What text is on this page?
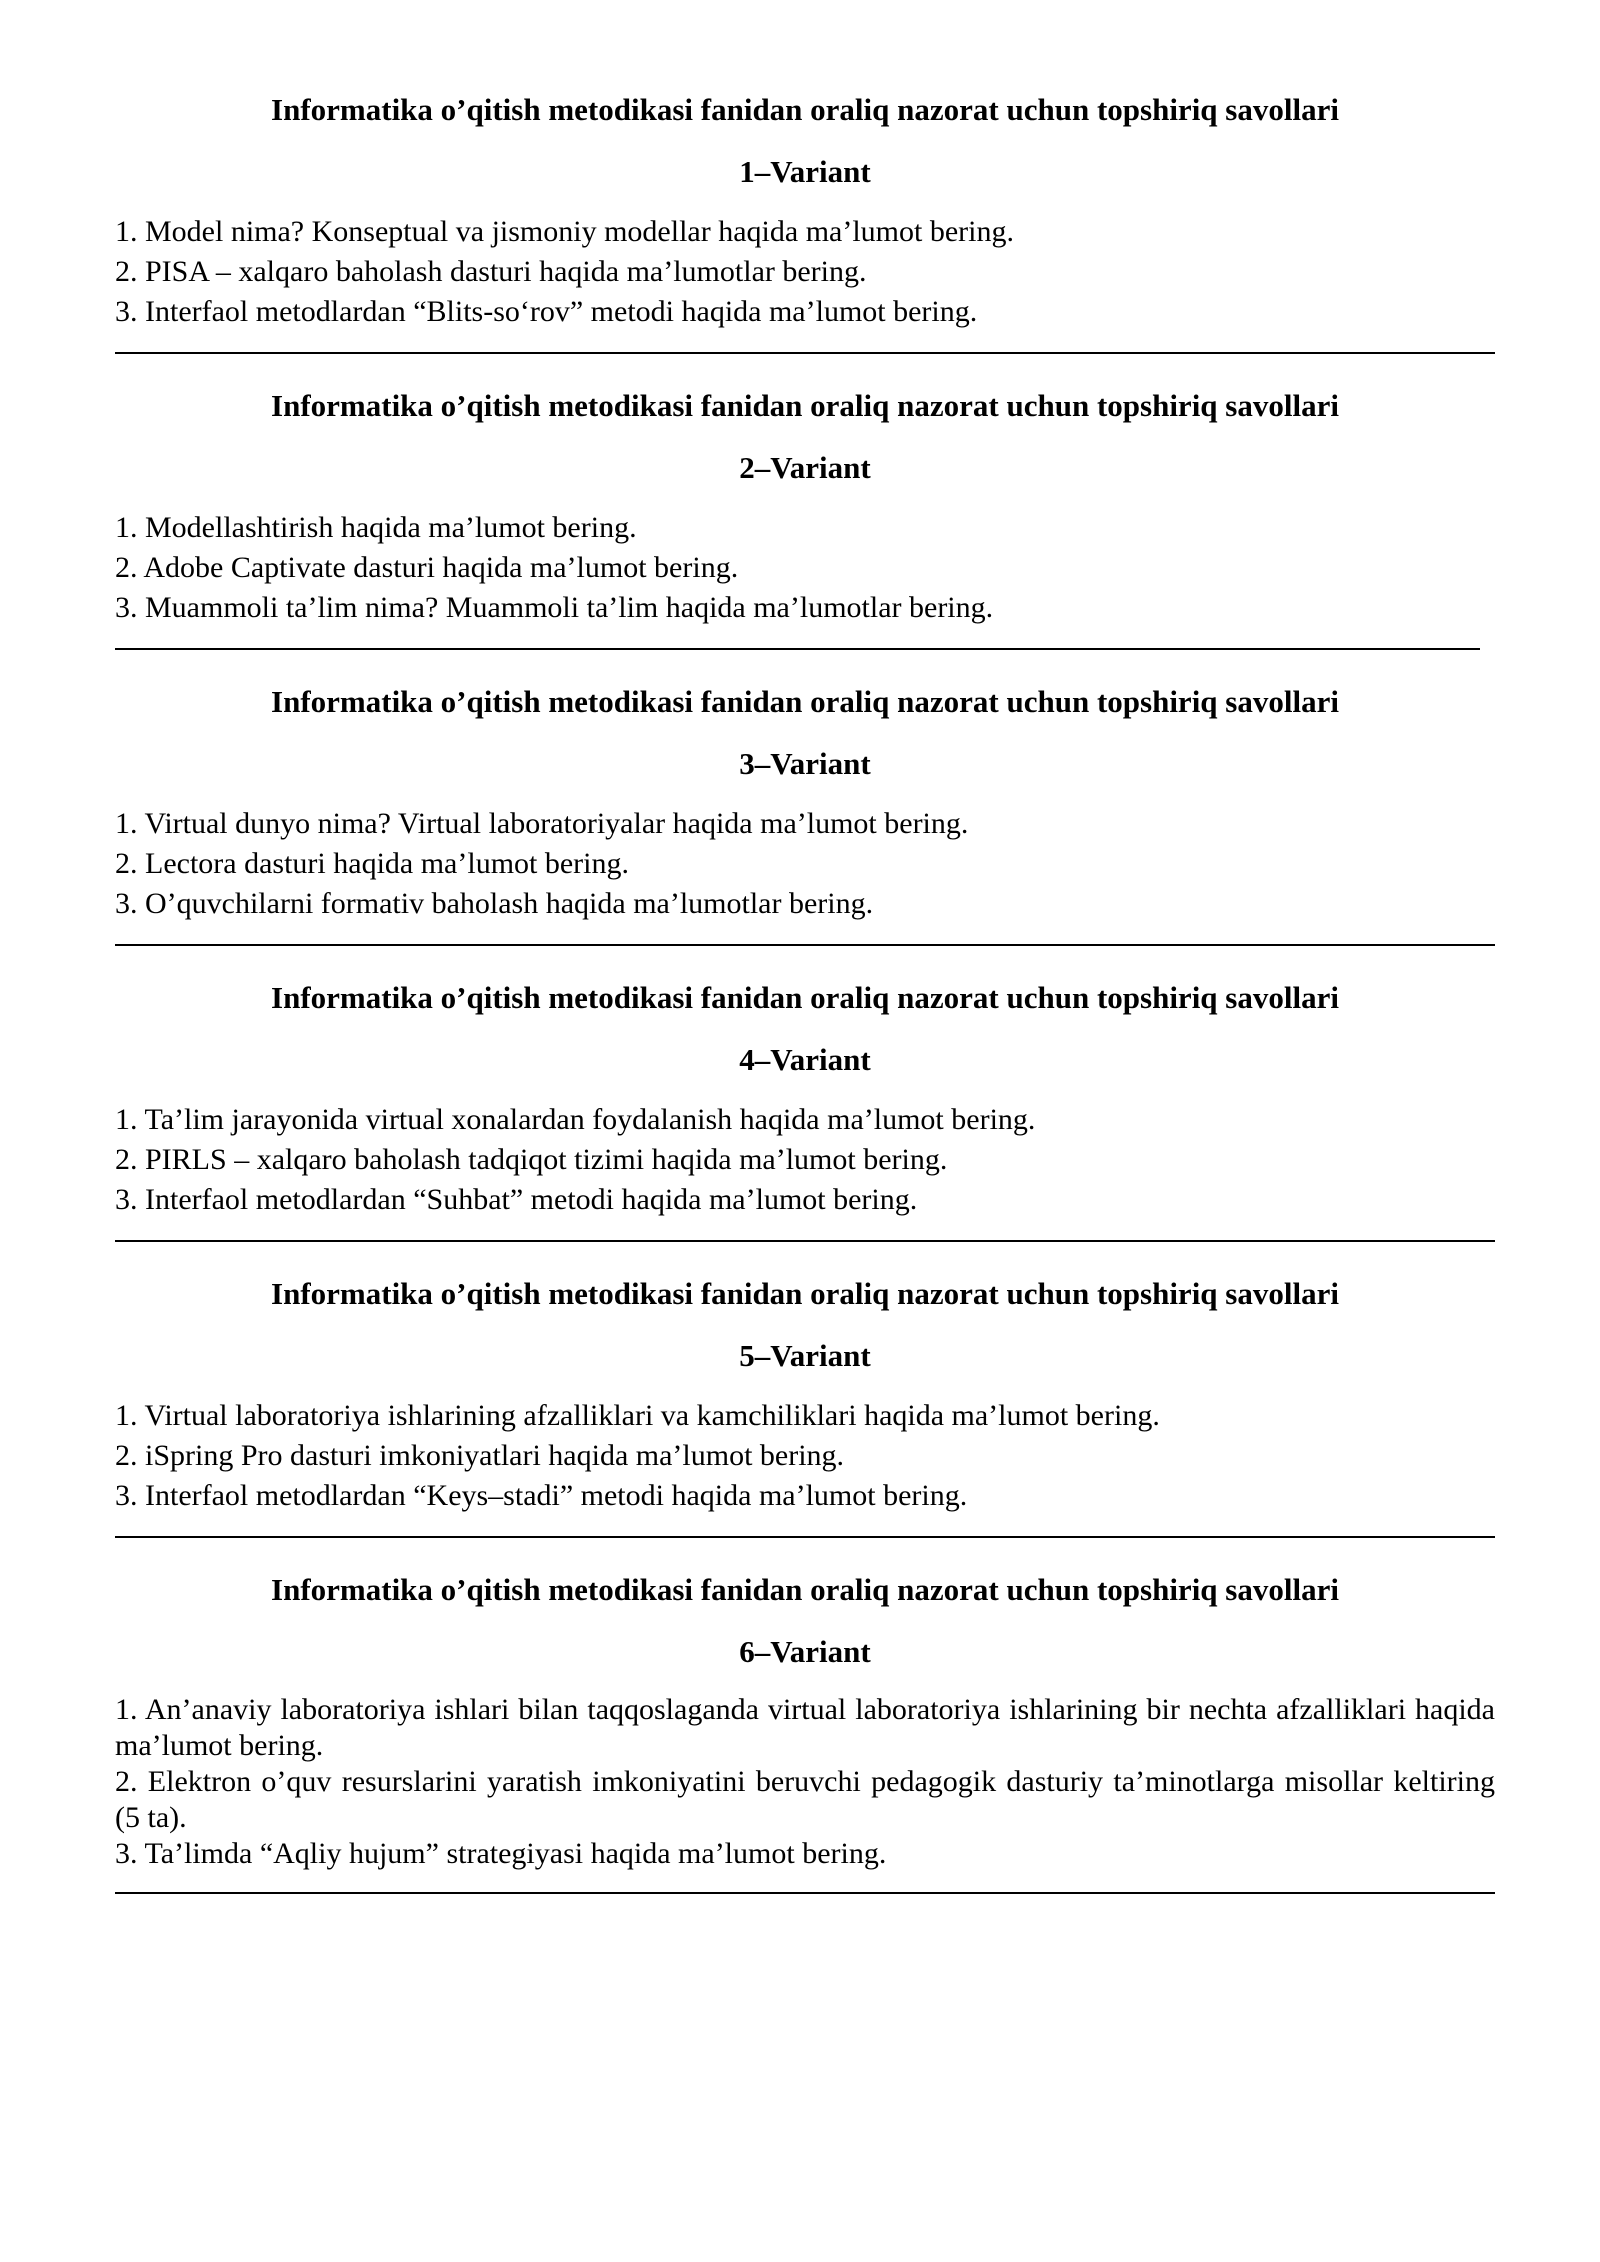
Informatika o’qitish metodikasi fanidan oraliq nazorat uchun topshiriq savollari
1–Variant
1. Model nima? Konseptual va jismoniy modellar haqida ma’lumot bering.
2. PISA – xalqaro baholash dasturi haqida ma’lumotlar bering.
3. Interfaol metodlardan “Blits-so‘rov” metodi haqida ma’lumot bering.
Informatika o’qitish metodikasi fanidan oraliq nazorat uchun topshiriq savollari
2–Variant
1. Modellashtirish haqida ma’lumot bering.
2. Adobe Captivate dasturi haqida ma’lumot bering.
3. Muammoli ta’lim nima? Muammoli ta’lim haqida ma’lumotlar bering.
Informatika o’qitish metodikasi fanidan oraliq nazorat uchun topshiriq savollari
3–Variant
1. Virtual dunyo nima? Virtual laboratoriyalar haqida ma’lumot bering.
2. Lectora dasturi haqida ma’lumot bering.
3. O’quvchilarni formativ baholash haqida ma’lumotlar bering.
Informatika o’qitish metodikasi fanidan oraliq nazorat uchun topshiriq savollari
4–Variant
1. Ta’lim jarayonida virtual xonalardan foydalanish haqida ma’lumot bering.
2. PIRLS – xalqaro baholash tadqiqot tizimi haqida ma’lumot bering.
3. Interfaol metodlardan “Suhbat” metodi haqida ma’lumot bering.
Informatika o’qitish metodikasi fanidan oraliq nazorat uchun topshiriq savollari
5–Variant
1. Virtual laboratoriya ishlarining afzalliklari va kamchiliklari haqida ma’lumot bering.
2. iSpring Pro dasturi imkoniyatlari haqida ma’lumot bering.
3. Interfaol metodlardan “Keys–stadi” metodi haqida ma’lumot bering.
Informatika o’qitish metodikasi fanidan oraliq nazorat uchun topshiriq savollari
6–Variant
1. An’anaviy laboratoriya ishlari bilan taqqoslaganda virtual laboratoriya ishlarining bir nechta afzalliklari haqida ma’lumot bering.
2. Elektron o’quv resurslarini yaratish imkoniyatini beruvchi pedagogik dasturiy ta’minotlarga misollar keltiring (5 ta).
3. Ta’limda “Aqliy hujum” strategiyasi haqida ma’lumot bering.
